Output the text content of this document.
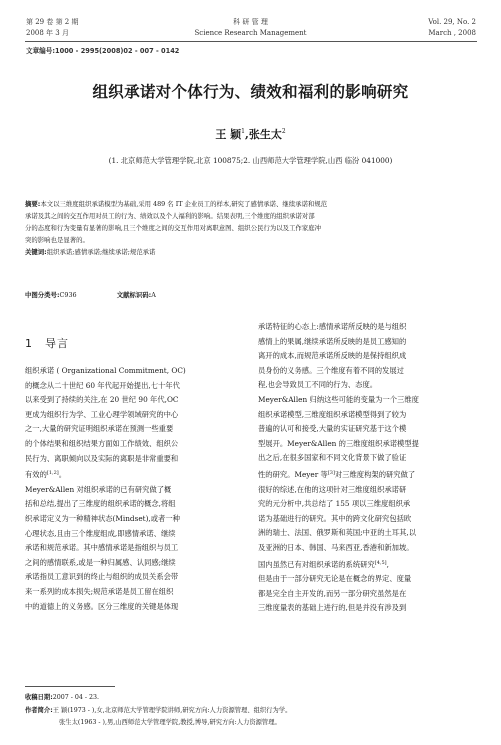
第 29 卷 第 2 期
2008 年 3 月
科 研 管 理
Science Research Management
Vol. 29, No. 2
March , 2008
文章编号:1000 - 2995(2008)02 - 007 - 0142
组织承诺对个体行为、绩效和福利的影响研究
王 颖$^1$,张生太$^2$
(1. 北京师范大学管理学院,北京 100875;2. 山西师范大学管理学院,山西 临汾 041000)
摘要:本文以三维度组织承诺模型为基础,采用 489 名 IT 企业员工的样本,研究了感情承诺、继续承诺和规范
承诺及其之间的交互作用对员工的行为、绩效以及个人福利的影响。结果表明,三个维度的组织承诺对部
分的态度和行为变量有显著的影响,且三个维度之间的交互作用对离职意图、组织公民行为以及工作家庭冲
突的影响也是显著的。
关键词:组织承诺;感情承诺;继续承诺;规范承诺
中图分类号:C936	文献标识码:A
1 导言
组织承诺 ( Organizational Commitment, OC)
的概念从二十世纪 60 年代起开始提出,七十年代
以来受到了持续的关注,在 20 世纪 90 年代,OC
更成为组织行为学、工业心理学领域研究的中心
之一,大量的研究证明组织承诺在预测一些重要
的个体结果和组织结果方面如工作绩效、组织公
民行为、离职倾向以及实际的离职是非常重要和
有效的[1,2]。
Meyer&Allen 对组织承诺的已有研究做了概
括和总结,提出了三维度的组织承诺的概念,将组
织承诺定义为一种精神状态(Mindset),或者一种
心理状态,且由三个维度组成,即感情承诺、继续
承诺和规范承诺。其中感情承诺是指组织与员工
之间的感情联系,或是一种归属感、认同感;继续
承诺指员工意识到的终止与组织的成员关系会带
来一系列的成本损失;规范承诺是员工留在组织
中的道德上的义务感。区分三维度的关键是体现
承诺特征的心态上:感情承诺所反映的是与组织
感情上的果属,继续承诺所反映的是员工感知的
离开的成本,而规范承诺所反映的是保持组织成
员身份的义务感。三个维度有着不同的发展过
程,也会导致员工不同的行为、态度。
Meyer&Allen 归纳这些可能的变量为一个三维度
组织承诺模型,三维度组织承诺模型得到了较为
普遍的认可和接受,大量的实证研究基于这个模
型展开。Meyer&Allen 的三维度组织承诺模型提
出之后,在很多国家和不同文化背景下做了验证
性的研究。Meyer 等[3]对三维度构架的研究做了
很好的综述,在他的这项针对三维度组织承诺研
究的元分析中,共总结了 155 项以三维度组织承
诺为基础进行的研究。其中的跨文化研究包括欧
洲的瑞士、法国、俄罗斯和英国;中亚的土耳其,以
及亚洲的日本、韩国、马来西亚,香港和新加坡。
国内虽然已有对组织承诺的系统研究[4,5],
但是由于一部分研究无论是在概念的界定、度量
都是完全自主开发的,而另一部分研究虽然是在
三维度量表的基础上进行的,但是并没有涉及到
收稿日期:2007 - 04 - 23.
作者简介:王 颖(1973 - ),女,北京师范大学管理学院讲师,研究方向:人力资源管理、组织行为学。
张生太(1963 - ),男,山西师范大学管理学院,教授,博导,研究方向:人力资源管理。
